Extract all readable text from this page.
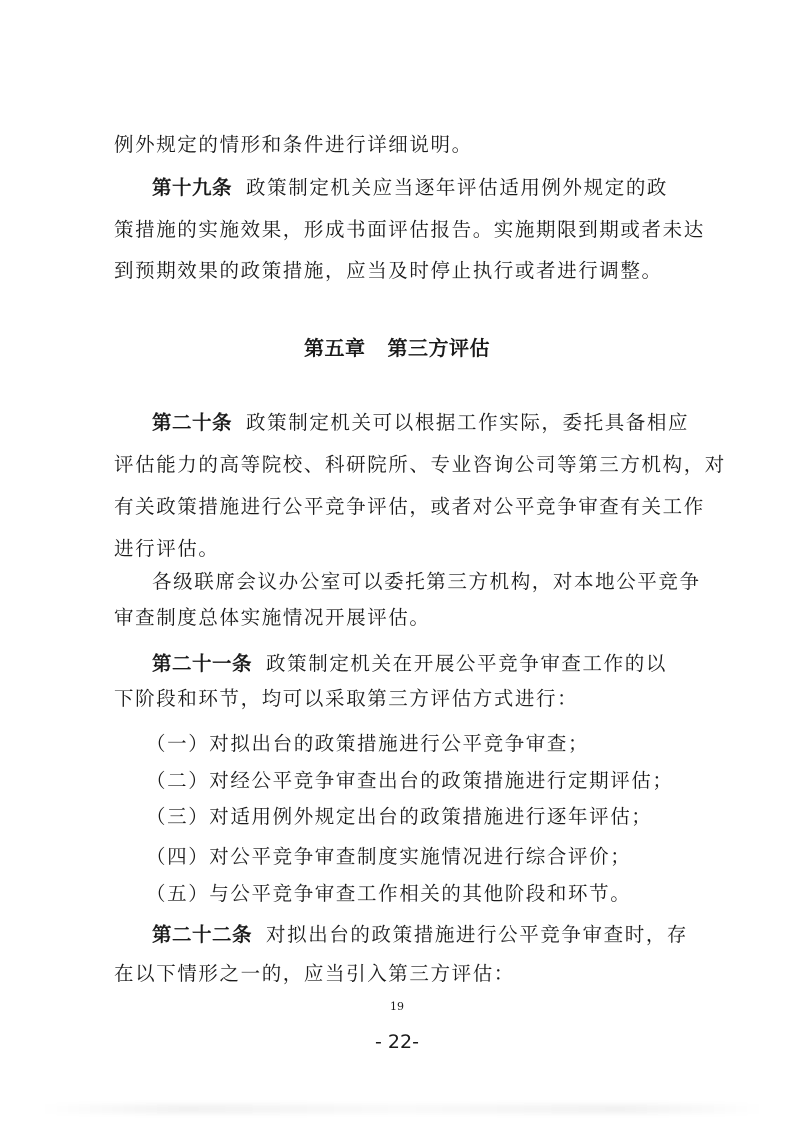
例外规定的情形和条件进行详细说明。
第十九条 政策制定机关应当逐年评估适用例外规定的政
策措施的实施效果，形成书面评估报告。实施期限到期或者未达
到预期效果的政策措施，应当及时停止执行或者进行调整。
第五章 第三方评估
第二十条 政策制定机关可以根据工作实际，委托具备相应
评估能力的高等院校、科研院所、专业咨询公司等第三方机构，对
有关政策措施进行公平竞争评估，或者对公平竞争审查有关工作
进行评估。
各级联席会议办公室可以委托第三方机构，对本地公平竞争
审查制度总体实施情况开展评估。
第二十一条 政策制定机关在开展公平竞争审查工作的以
下阶段和环节，均可以采取第三方评估方式进行：
（一）对拟出台的政策措施进行公平竞争审查；
（二）对经公平竞争审查出台的政策措施进行定期评估；
（三）对适用例外规定出台的政策措施进行逐年评估；
（四）对公平竞争审查制度实施情况进行综合评价；
（五）与公平竞争审查工作相关的其他阶段和环节。
第二十二条 对拟出台的政策措施进行公平竞争审查时，存
在以下情形之一的，应当引入第三方评估：
19
- 22-
